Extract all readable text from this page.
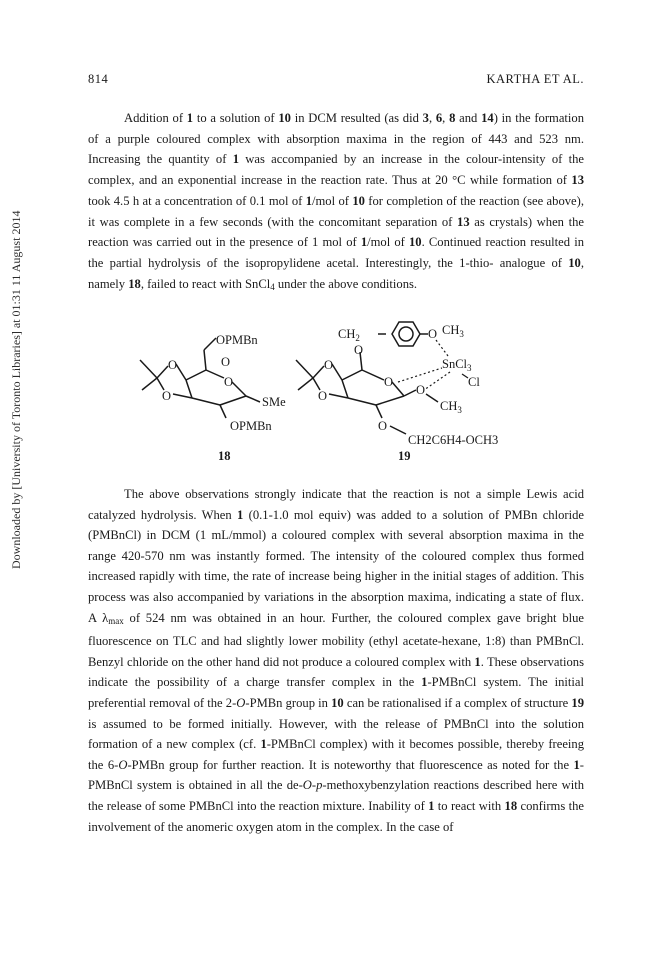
Downloaded by [University of Toronto Libraries] at 01:31 11 August 2014
814	KARTHA ET AL.

Addition of 1 to a solution of 10 in DCM resulted (as did 3, 6, 8 and 14) in the formation of a purple coloured complex with absorption maxima in the region of 443 and 523 nm. Increasing the quantity of 1 was accompanied by an increase in the colour-intensity of the complex, and an exponential increase in the reaction rate. Thus at 20 °C while formation of 13 took 4.5 h at a concentration of 0.1 mol of 1/mol of 10 for completion of the reaction (see above), it was complete in a few seconds (with the concomitant separation of 13 as crystals) when the reaction was carried out in the presence of 1 mol of 1/mol of 10. Continued reaction resulted in the partial hydrolysis of the isopropylidene acetal. Interestingly, the 1-thio- analogue of 10, namely 18, failed to react with SnCl$_4$ under the above conditions.

O
O
O
O
OPMBn
SMe
OPMBn
18
$CH_2$
O
O $CH_3$
SnCl$_3$
Cl
O
O
O
O
$CH_3$
O
CH2C6H4-OCH3
19

The above observations strongly indicate that the reaction is not a simple Lewis acid catalyzed hydrolysis. When 1 (0.1-1.0 mol equiv) was added to a solution of PMBn chloride (PMBnCl) in DCM (1 mL/mmol) a coloured complex with several absorption maxima in the range 420-570 nm was instantly formed. The intensity of the coloured complex thus formed increased rapidly with time, the rate of increase being higher in the initial stages of addition. This process was also accompanied by variations in the absorption maxima, indicating a state of flux. A $\lambda_{max}$ of 524 nm was obtained in an hour. Further, the coloured complex gave bright blue fluorescence on TLC and had slightly lower mobility (ethyl acetate-hexane, 1:8) than PMBnCl. Benzyl chloride on the other hand did not produce a coloured complex with 1. These observations indicate the possibility of a charge transfer complex in the 1-PMBnCl system. The initial preferential removal of the 2-O-PMBn group in 10 can be rationalised if a complex of structure 19 is assumed to be formed initially. However, with the release of PMBnCl into the solution formation of a new complex (cf. 1-PMBnCl complex) with it becomes possible, thereby freeing the 6-O-PMBn group for further reaction. It is noteworthy that fluorescence as noted for the 1-PMBnCl system is obtained in all the de-O-p-methoxybenzylation reactions described here with the release of some PMBnCl into the reaction mixture. Inability of 1 to react with 18 confirms the involvement of the anomeric oxygen atom in the complex. In the case of
